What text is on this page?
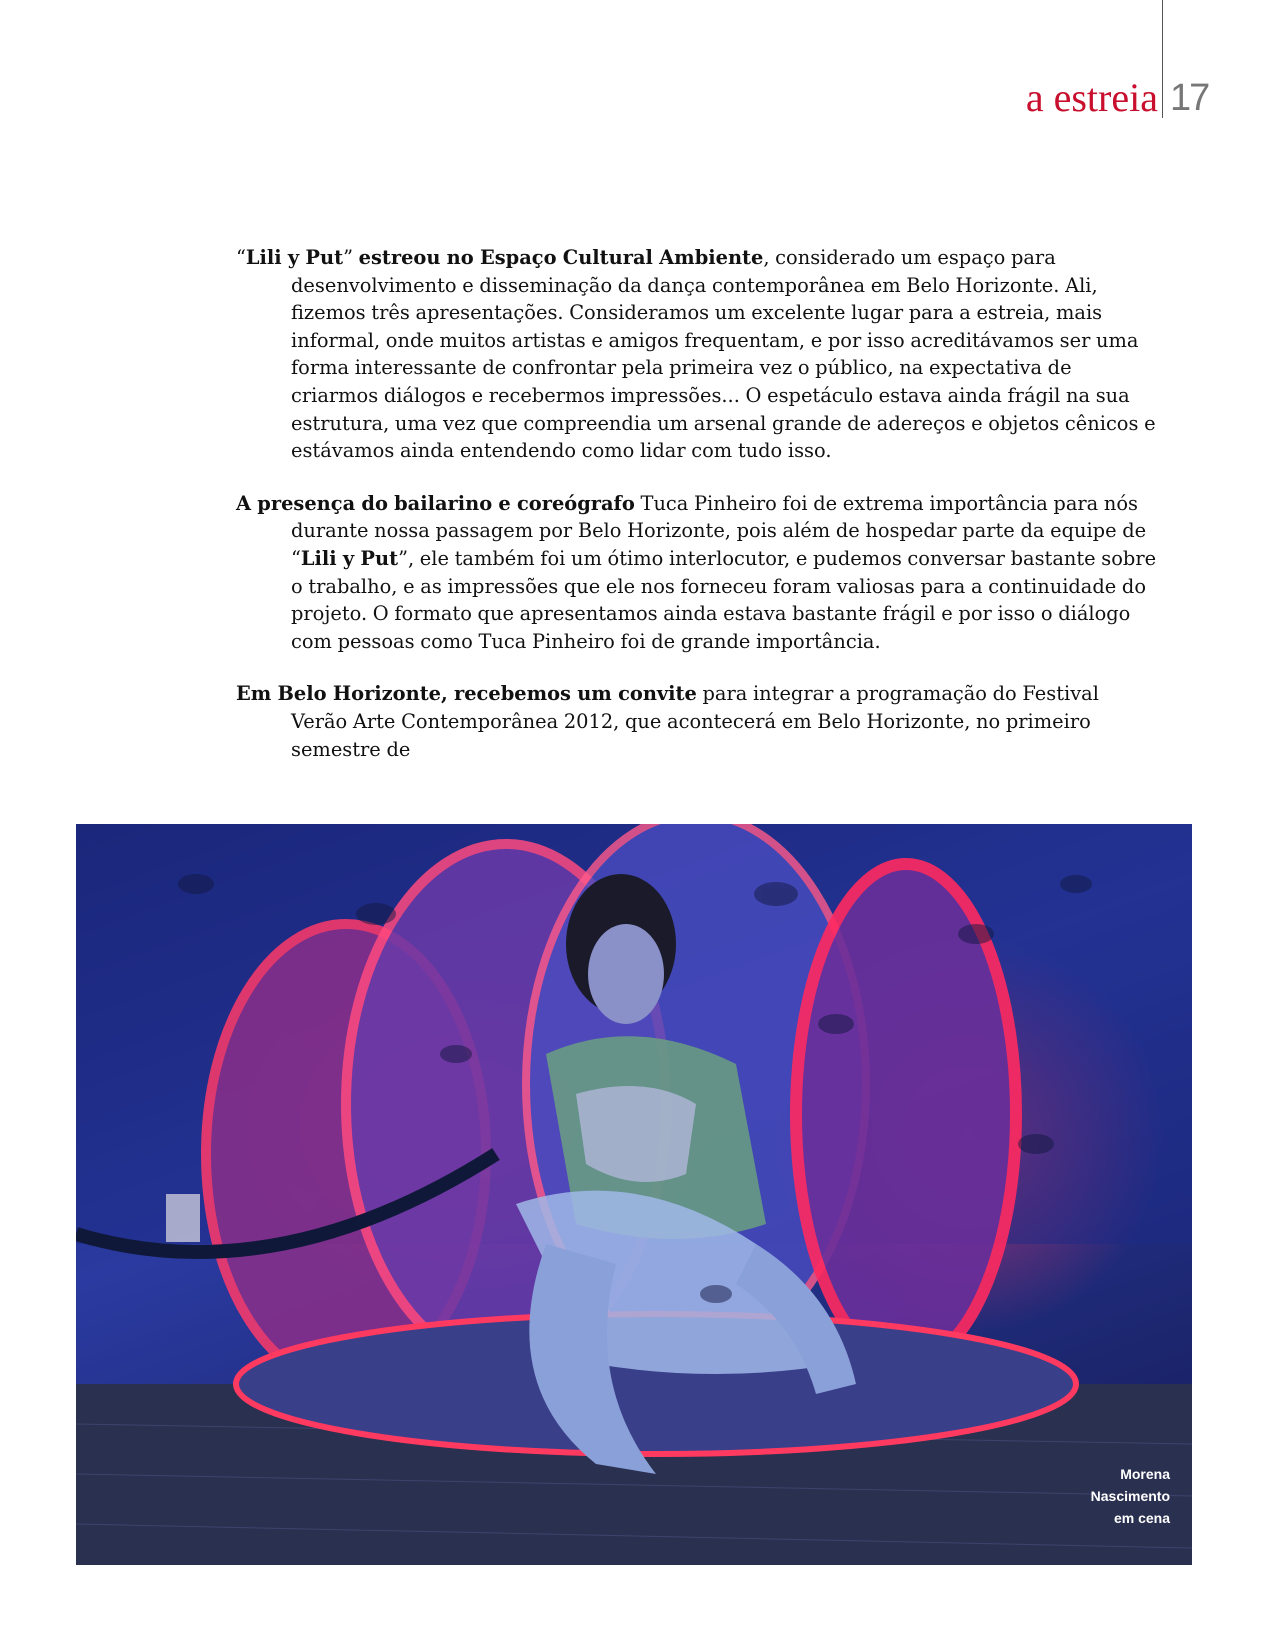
a estreia 17

“Lili y Put” estreou no Espaço Cultural Ambiente, considerado um espaço para desenvolvimento e disseminação da dança contemporânea em Belo Horizonte. Ali, fizemos três apresentações. Consideramos um excelente lugar para a estreia, mais informal, onde muitos artistas e amigos frequentam, e por isso acreditávamos ser uma forma interessante de confrontar pela primeira vez o público, na expectativa de criarmos diálogos e recebermos impressões... O espetáculo estava ainda frágil na sua estrutura, uma vez que compreendia um arsenal grande de adereços e objetos cênicos e estávamos ainda entendendo como lidar com tudo isso.

A presença do bailarino e coreógrafo Tuca Pinheiro foi de extrema importância para nós durante nossa passagem por Belo Horizonte, pois além de hospedar parte da equipe de “Lili y Put”, ele também foi um ótimo interlocutor, e pudemos conversar bastante sobre o trabalho, e as impressões que ele nos forneceu foram valiosas para a continuidade do projeto. O formato que apresentamos ainda estava bastante frágil e por isso o diálogo com pessoas como Tuca Pinheiro foi de grande importância.

Em Belo Horizonte, recebemos um convite para integrar a programação do Festival Verão Arte Contemporânea 2012, que acontecerá em Belo Horizonte, no primeiro semestre de

Morena
Nascimento
em cena
